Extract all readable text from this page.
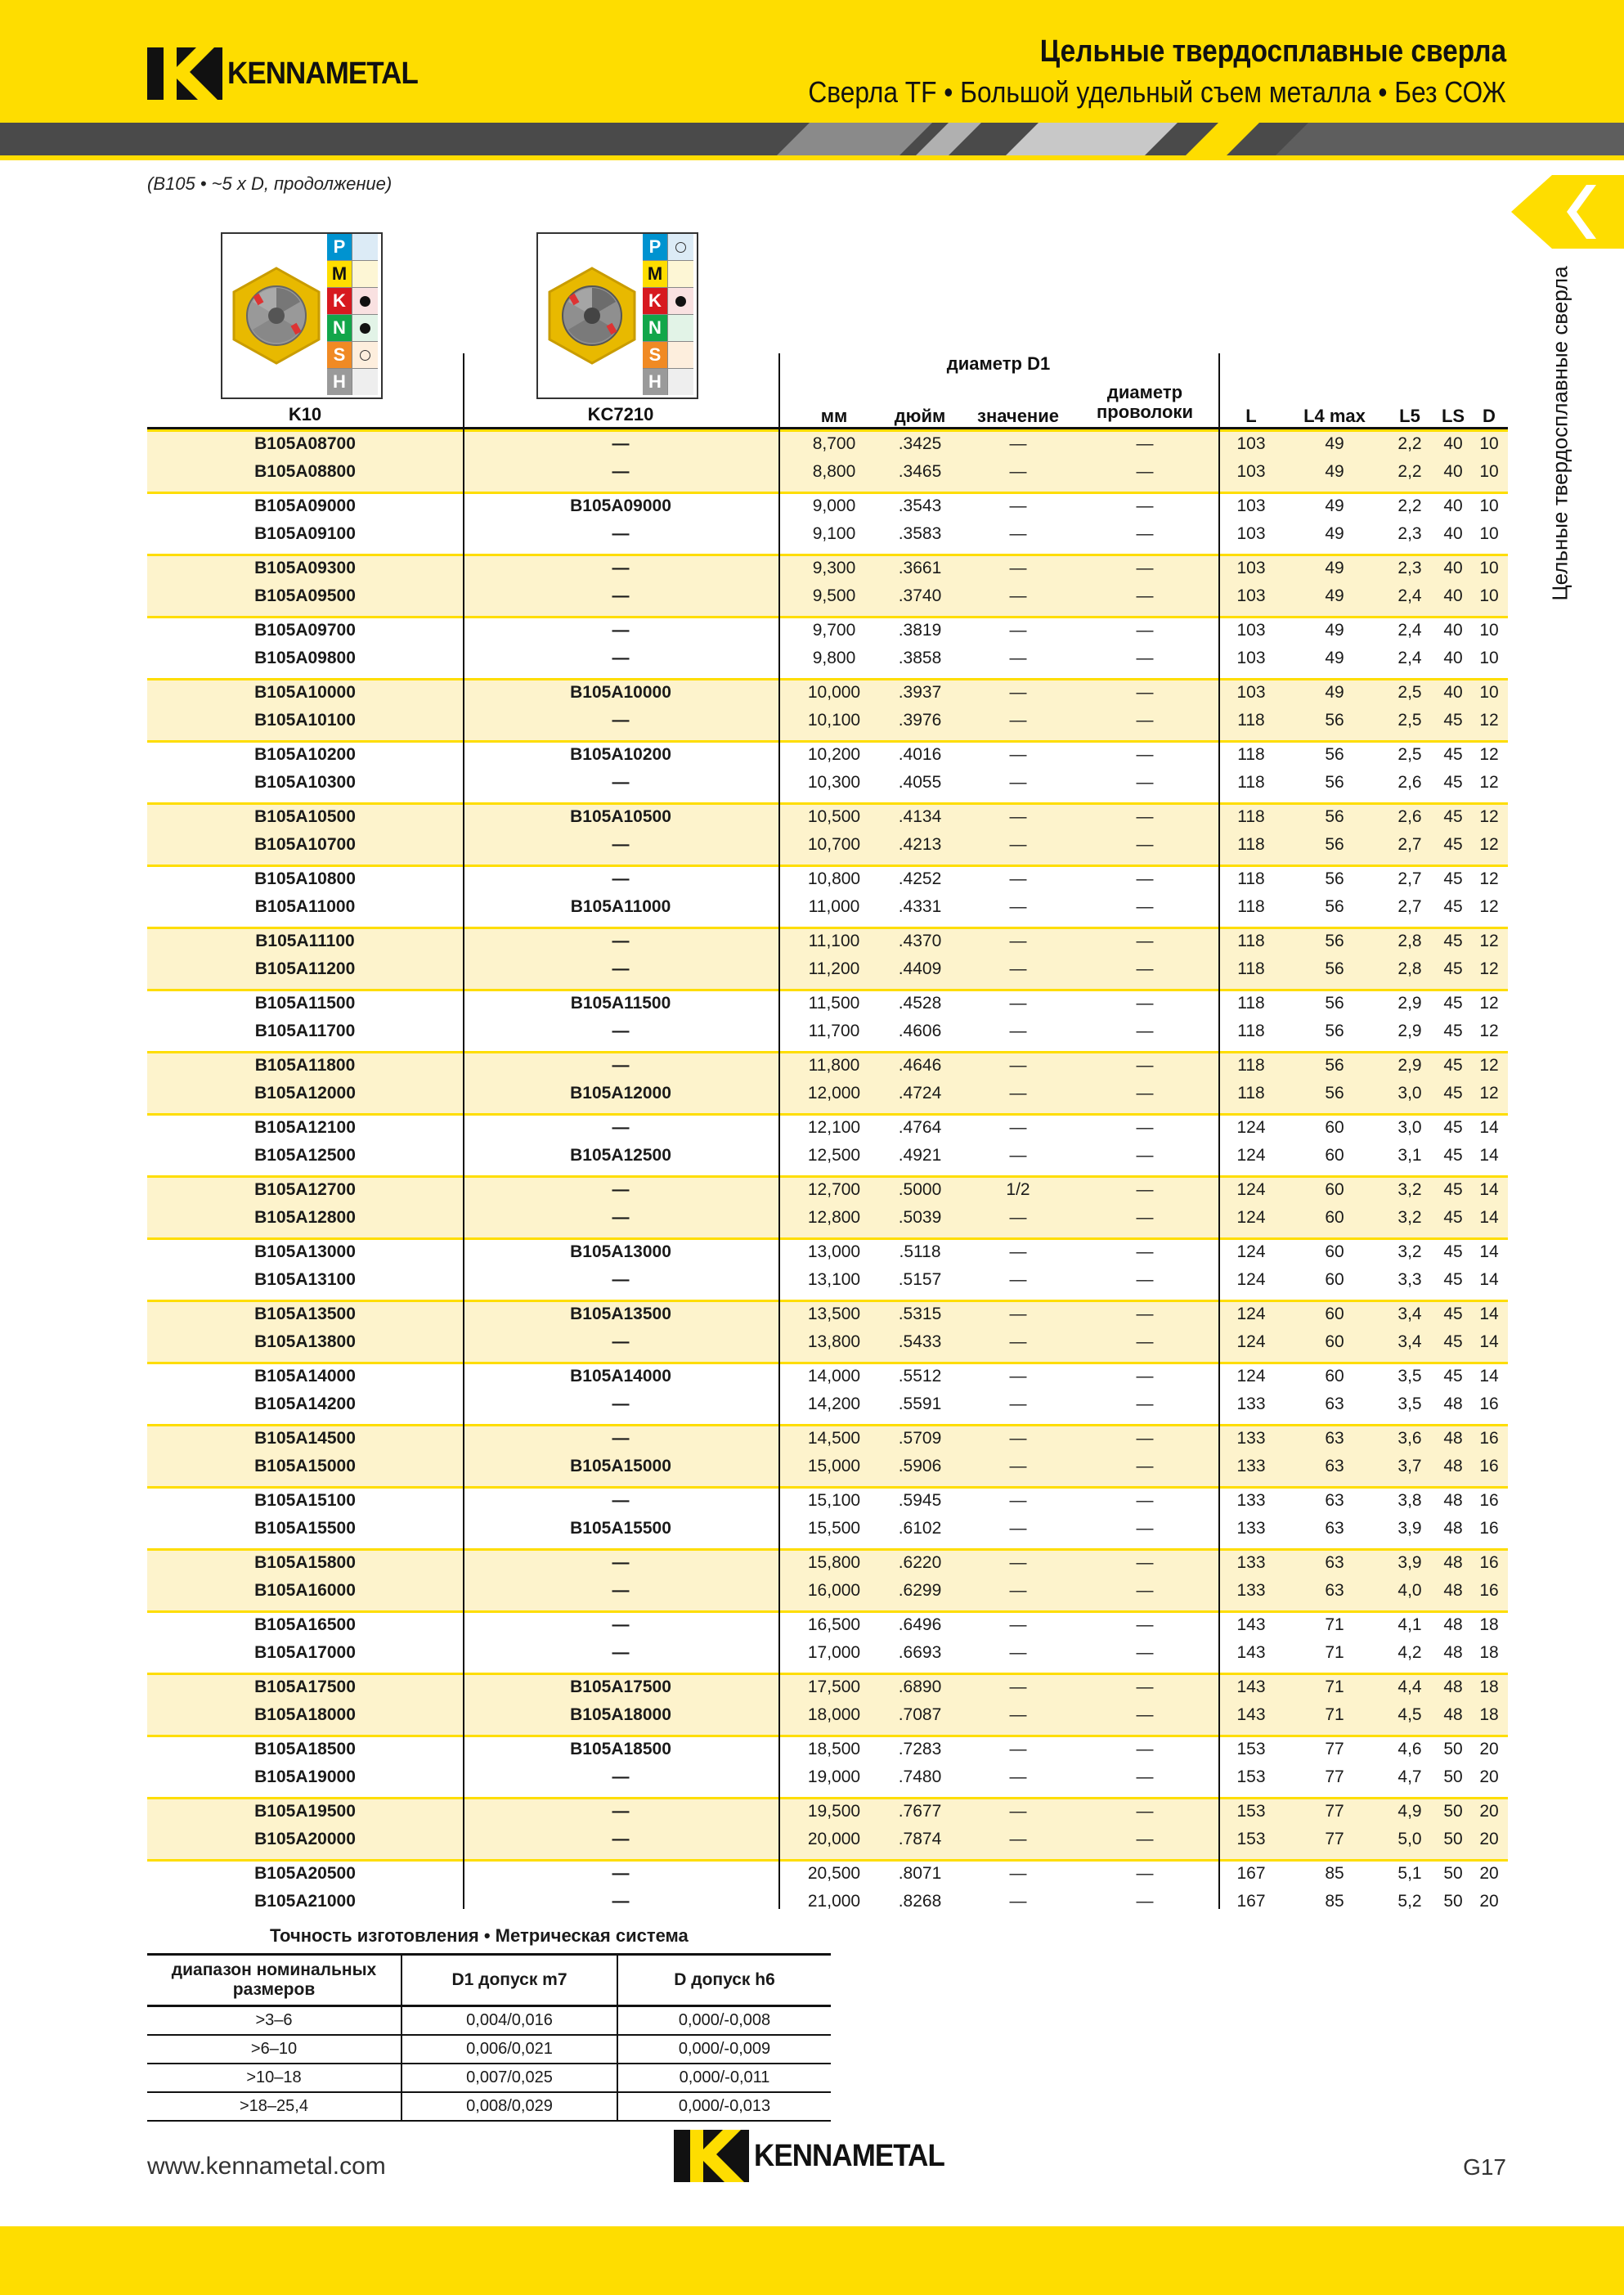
KENNAMETAL
Цельные твердосплавные сверла
Сверла TF • Большой удельный съем металла • Без СОЖ
Цельные твердосплавные сверла
(B105 • ~5 x D, продолжение)
P
M
K
N
S
H
P
M
K
N
S
H
K10	KC7210
диаметр D1
мм	дюйм	значение
диаметр проволоки	L	L4 max	L5	LS D
B105A08700	—	8,700	.3425	—	—	103	49	2,2	40 10
B105A08800	—	8,800	.3465	—	—	103	49	2,2	40 10
B105A09000	B105A09000	9,000	.3543	—	—	103	49	2,2	40 10
B105A09100	—	9,100	.3583	—	—	103	49	2,3	40 10
B105A09300	—	9,300	.3661	—	—	103	49	2,3	40 10
B105A09500	—	9,500	.3740	—	—	103	49	2,4	40 10
B105A09700	—	9,700	.3819	—	—	103	49	2,4	40 10
B105A09800	—	9,800	.3858	—	—	103	49	2,4	40 10
B105A10000	B105A10000	10,000	.3937	—	—	103	49	2,5	40 10
B105A10100	—	10,100	.3976	—	—	118	56	2,5	45 12
B105A10200	B105A10200	10,200	.4016	—	—	118	56	2,5	45 12
B105A10300	—	10,300	.4055	—	—	118	56	2,6	45 12
B105A10500	B105A10500	10,500	.4134	—	—	118	56	2,6	45 12
B105A10700	—	10,700	.4213	—	—	118	56	2,7	45 12
B105A10800	—	10,800	.4252	—	—	118	56	2,7	45 12
B105A11000	B105A11000	11,000	.4331	—	—	118	56	2,7	45 12
B105A11100	—	11,100	.4370	—	—	118	56	2,8	45 12
B105A11200	—	11,200	.4409	—	—	118	56	2,8	45 12
B105A11500	B105A11500	11,500	.4528	—	—	118	56	2,9	45 12
B105A11700	—	11,700	.4606	—	—	118	56	2,9	45 12
B105A11800	—	11,800	.4646	—	—	118	56	2,9	45 12
B105A12000	B105A12000	12,000	.4724	—	—	118	56	3,0	45 12
B105A12100	—	12,100	.4764	—	—	124	60	3,0	45 14
B105A12500	B105A12500	12,500	.4921	—	—	124	60	3,1	45 14
B105A12700	—	12,700	.5000	1/2	—	124	60	3,2	45 14
B105A12800	—	12,800	.5039	—	—	124	60	3,2	45 14
B105A13000	B105A13000	13,000	.5118	—	—	124	60	3,2	45 14
B105A13100	—	13,100	.5157	—	—	124	60	3,3	45 14
B105A13500	B105A13500	13,500	.5315	—	—	124	60	3,4	45 14
B105A13800	—	13,800	.5433	—	—	124	60	3,4	45 14
B105A14000	B105A14000	14,000	.5512	—	—	124	60	3,5	45 14
B105A14200	—	14,200	.5591	—	—	133	63	3,5	48 16
B105A14500	—	14,500	.5709	—	—	133	63	3,6	48 16
B105A15000	B105A15000	15,000	.5906	—	—	133	63	3,7	48 16
B105A15100	—	15,100	.5945	—	—	133	63	3,8	48 16
B105A15500	B105A15500	15,500	.6102	—	—	133	63	3,9	48 16
B105A15800	—	15,800	.6220	—	—	133	63	3,9	48 16
B105A16000	—	16,000	.6299	—	—	133	63	4,0	48 16
B105A16500	—	16,500	.6496	—	—	143	71	4,1	48 18
B105A17000	—	17,000	.6693	—	—	143	71	4,2	48 18
B105A17500	B105A17500	17,500	.6890	—	—	143	71	4,4	48 18
B105A18000	B105A18000	18,000	.7087	—	—	143	71	4,5	48 18
B105A18500	B105A18500	18,500	.7283	—	—	153	77	4,6	50 20
B105A19000	—	19,000	.7480	—	—	153	77	4,7	50 20
B105A19500	—	19,500	.7677	—	—	153	77	4,9	50 20
B105A20000	—	20,000	.7874	—	—	153	77	5,0	50 20
B105A20500	—	20,500	.8071	—	—	167	85	5,1	50 20
B105A21000	—	21,000	.8268	—	—	167	85	5,2	50 20
Точность изготовления • Метрическая система
диапазон номинальных размеров	D1 допуск m7	D допуск h6
>3–6	0,004/0,016	0,000/-0,008
>6–10	0,006/0,021	0,000/-0,009
>10–18	0,007/0,025	0,000/-0,011
>18–25,4	0,008/0,029	0,000/-0,013
www.kennametal.com	KENNAMETAL	G17
